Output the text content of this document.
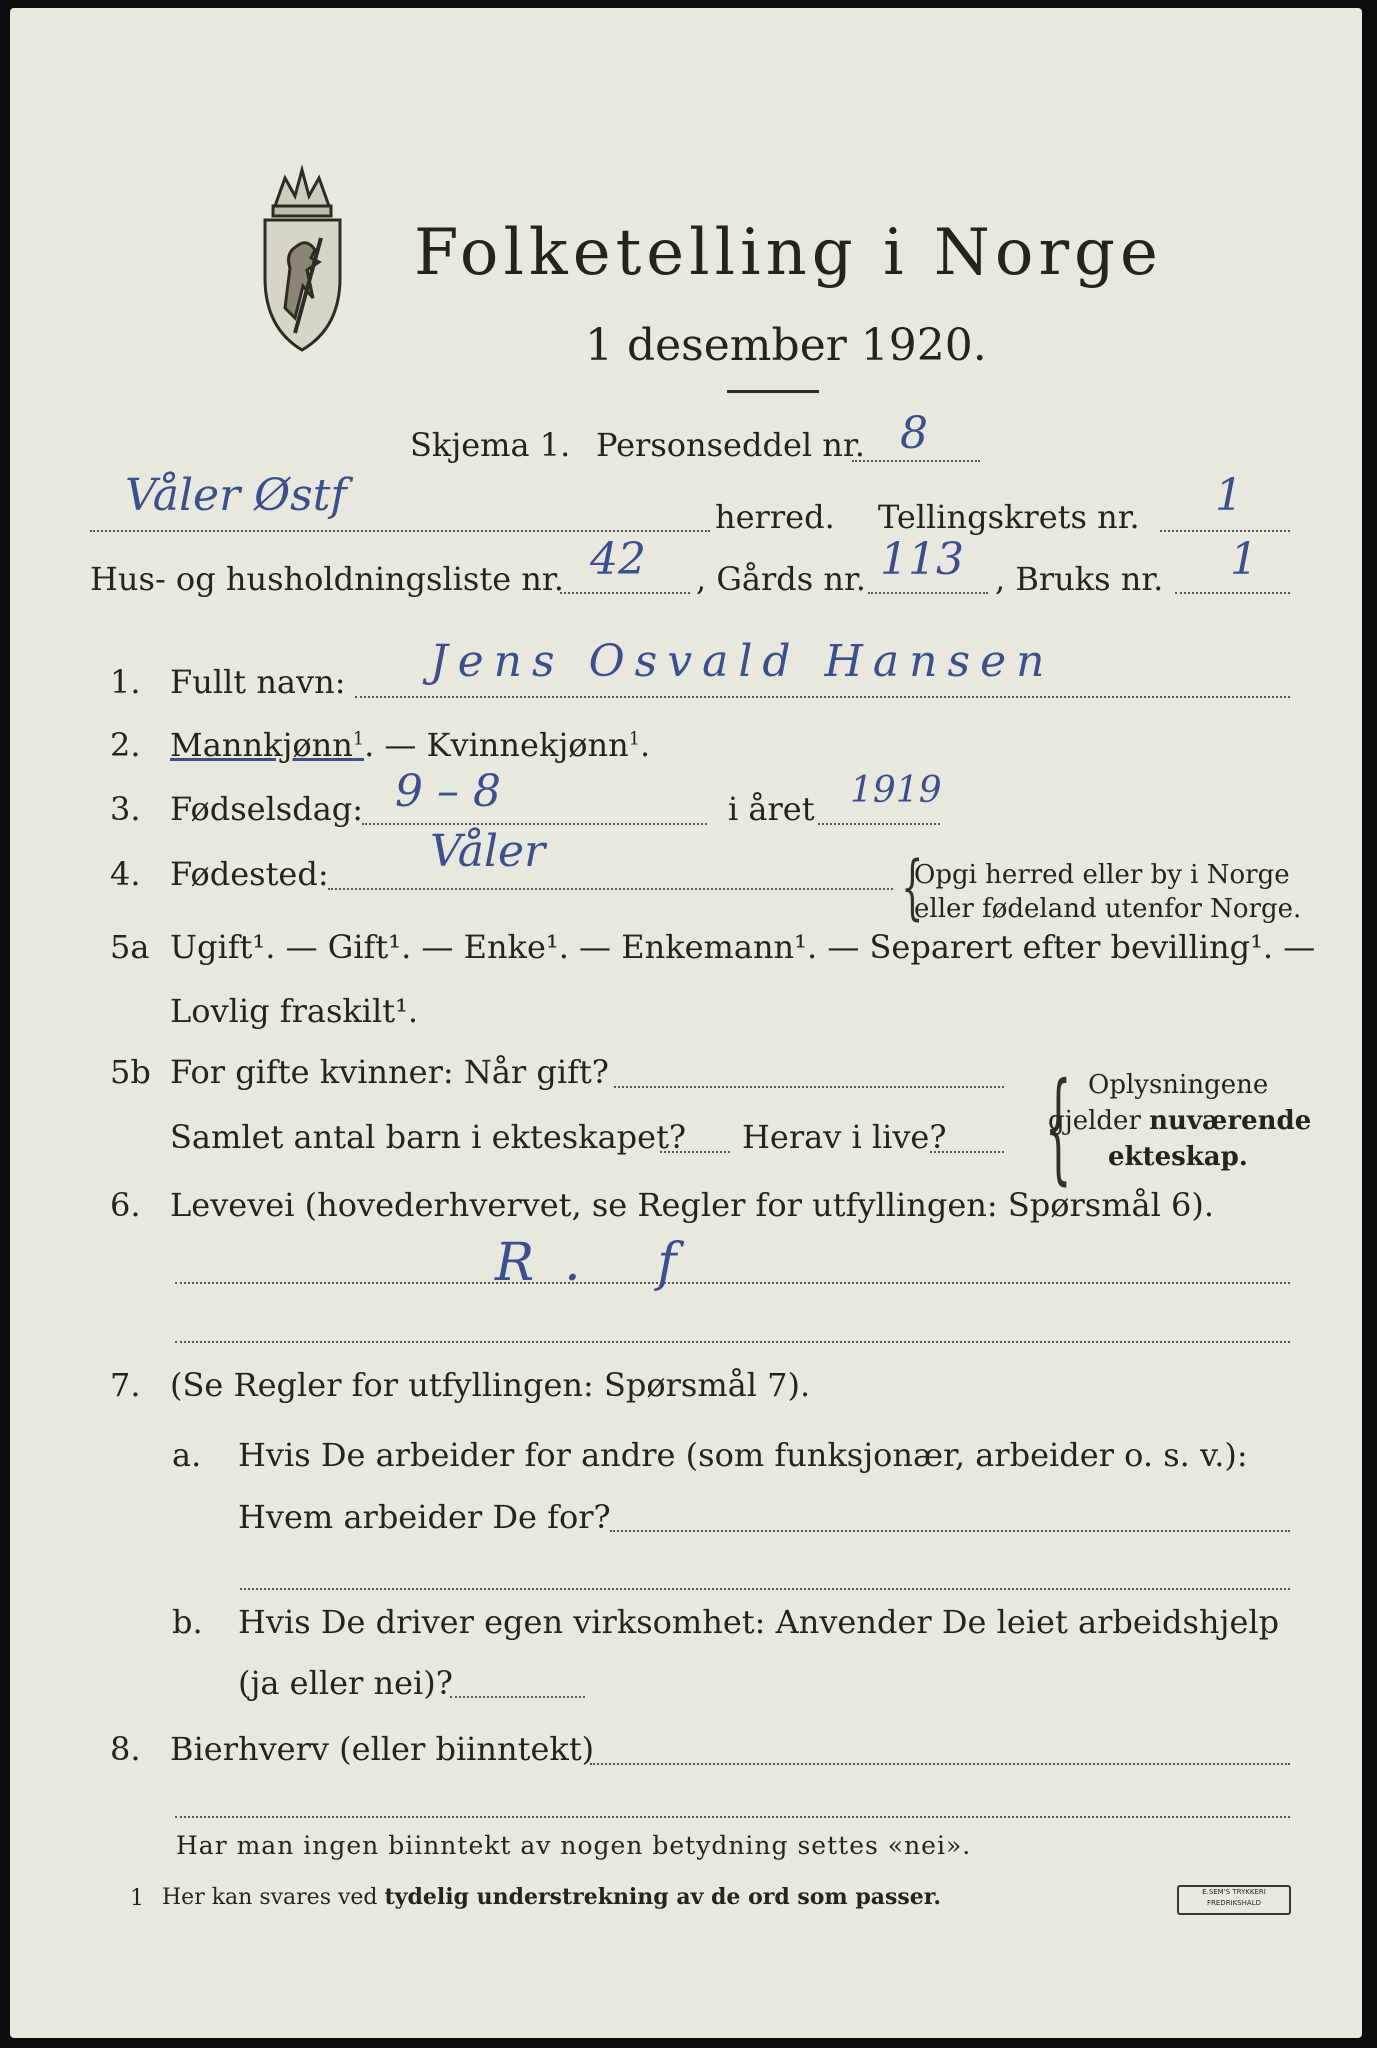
Folketelling i Norge
1 desember 1920.
Skjema 1. Personseddel nr. 8
Våler Østf	herred. Tellingskrets nr. 1
Hus- og husholdningsliste nr. 42 , Gårds nr. 113 , Bruks nr. 1
1. Fullt navn: Jens Osvald Hansen
2. Mannkjønn$^1$. — Kvinnekjønn$^1$.
3. Fødselsdag: 9 – 8	i året 1919
4. Fødested: Våler	{
Opgi herred eller by i Norge
eller fødeland utenfor Norge.
5a Ugift¹. — Gift¹. — Enke¹. — Enkemann¹. — Separert efter bevilling¹. —
Lovlig fraskilt¹.
5b For gifte kvinner: Når gift?
Samlet antal barn i ekteskapet? Herav i live? { Oplysningene
gjelder nuværende
ekteskap.
6. Levevei (hovederhvervet, se Regler for utfyllingen: Spørsmål 6).
R. f
7. (Se Regler for utfyllingen: Spørsmål 7).
a. Hvis De arbeider for andre (som funksjonær, arbeider o. s. v.):
Hvem arbeider De for?
b. Hvis De driver egen virksomhet: Anvender De leiet arbeidshjelp
(ja eller nei)?
8. Bierhverv (eller biinntekt)
Har man ingen biinntekt av nogen betydning settes «nei».
1 Her kan svares ved tydelig understrekning av de ord som passer.	E.SEM'S TRYKKERI
FREDRIKSHALD
